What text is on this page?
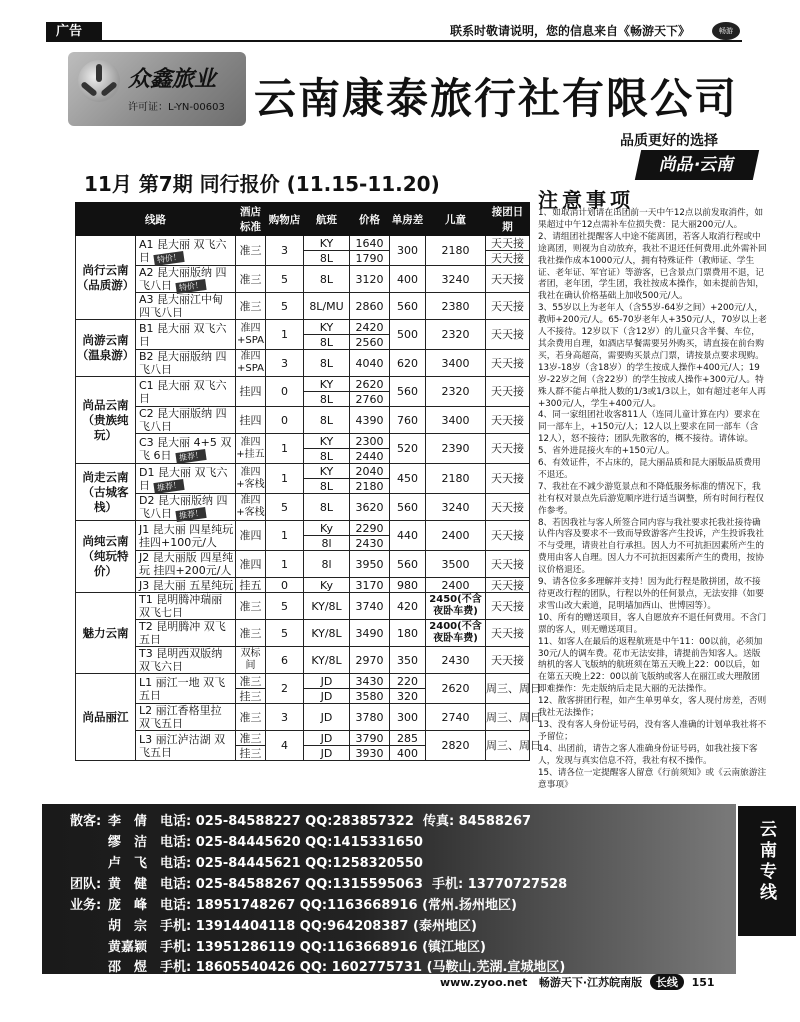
广告	联系时敬请说明，您的信息来自《畅游天下》	畅游
众鑫旅业
许可证：L-YN-00603 云南康泰旅行社有限公司
品质更好的选择
尚品·云南
11月 第7期 同行报价 (11.15-11.20)
注意事项
线路		酒店标准	购物店	航班	价格	单房差	儿童	接团日期
尚行云南（品质游）	A1 昆大丽 双飞六日 特价！	准三	3	KY	1640	300	2180	天天接
				8L	1790			天天接
	A2 昆大丽版纳 四飞八日 特价！	准三	5	8L	3120	400	3240	天天接

	A3 昆大丽江中甸 四飞八日	准三	5	8L/MU	2860	560	2380	天天接

尚游云南（温泉游）	B1 昆大丽 双飞六日	准四+SPA	1	KY	2420	500	2320	天天接
				8L	2560			
	B2 昆大丽版纳 四飞八日	准四+SPA	3	8L	4040	620	3400	天天接

尚品云南（贵族纯玩）	C1 昆大丽 双飞六日	挂四	0	KY	2620	560	2320	天天接
				8L	2760			
	C2 昆大丽版纳 四飞八日	挂四	0	8L	4390	760	3400	天天接

	C3 昆大丽 4+5 双飞 6日 推荐！	准四+挂五	1	KY	2300	520	2390	天天接
				8L	2440			
尚走云南（古城客栈）	D1 昆大丽 双飞六日 推荐！	准四+客栈	1	KY	2040	450	2180	天天接
				8L	2180			
	D2 昆大丽版纳 四飞八日 推荐！	准四+客栈	5	8L	3620	560	3240	天天接

尚纯云南（纯玩特价）	J1 昆大丽 四星纯玩 挂四+100元/人	准四	1	Ky	2290	440	2400	天天接
				8l	2430			
	J2 昆大丽版 四星纯玩 挂四+200元/人	准四	1	8l	3950	560	3500	天天接

	J3 昆大丽 五星纯玩	挂五	0	Ky	3170	980	2400	天天接
魅力云南	T1 昆明腾冲瑞丽 双飞七日	准三	5	KY/8L	3740	420	2450(不含夜卧车费)	天天接

	T2 昆明腾冲 双飞五日	准三	5	KY/8L	3490	180	2400(不含夜卧车费)	天天接

	T3 昆明西双版纳 双飞六日	双标间	6	KY/8L	2970	350	2430	天天接

尚品丽江	L1 丽江一地 双飞五日	准三	2	JD	3430	220	2620	周三、周日
		挂三		JD	3580	320		
	L2 丽江香格里拉 双飞五日	准三	3	JD	3780	300	2740	周三、周日

	L3 丽江泸沽湖 双飞五日	准三	4	JD	3790	285	2820	周三、周日
		挂三		JD	3930	400		

1、如取消计划请在出团前一天中午12点以前发取消件，如果超过中午12点需补车位损失费：昆大丽200元/人。

2、请组团社提醒客人中途不能离团，若客人取消行程或中途离团，则视为自动放弃，我社不退还任何费用.此外需补回我社操作成本1000元/人，拥有特殊证件（教师证、学生证、老年证、军官证）等游客，已含景点门票费用不退，记者团，老年团，学生团，我社按成本操作，如未提前告知，我社在确认价格基础上加收500元/人。

3、55岁以上为老年人（含55岁-64岁之间）+200元/人，教师+200元/人。65-70岁老年人+350元/人，70岁以上老人不接待。12岁以下（含12岁）的儿童只含半餐、车位，其余费用自理，如酒店早餐需要另外购买，请直接在前台购买，若身高超高，需要购买景点门票，请按景点要求现购。13岁-18岁（含18岁）的学生按成人操作+400元/人；19岁-22岁之间（含22岁）的学生按成人操作+300元/人。特殊人群不能占单批人数的1/3或1/3以上，如有超过老年人再+300元/人，学生+400元/人。

4、同一家组团社收客811人（连同儿童计算在内）要求在同一部车上，+150元/人；12人以上要求在同一部车（含12人），怒不接待；团队先散客的，概不接待。请体谅。

5、省外进昆接火车的+150元/人。

6、有效证件，不占床的，昆大丽品质和昆大丽版品质费用不退还。

7、我社在不减少游览景点和不降低服务标准的情况下，我社有权对景点先后游览顺序进行适当调整，所有时间行程仅作参考。

8、若因我社与客人所签合同内容与我社要求托我社接待确认件内容及要求不一致而导致游客产生投诉，产生投诉我社不与受理，请贵社自行承担。因人力不可抗拒因素所产生的费用由客人自理。因人力不可抗拒因素所产生的费用，按协议价格退还。

9、请各位多多理解并支持！因为此行程是散拼团，故不接待更改行程的团队，行程以外的任何景点，无法安排（如要求雪山改大索道，昆明墙加西山、世博园等）。

10、所有的赠送项目，客人自愿放弃不退任何费用。不含门票的客人，则无赠送项目。

11、如客人在最后的返程航班是中午11：00以前，必须加30元/人的调车费。花市无法安排，请提前告知客人。送版纳机的客人飞版纳的航班须在第五天晚上22：00以后，如在第五天晚上22：00以前飞版纳或客人在丽江或大理散团即难操作：先走版纳后走昆大丽的无法操作。

12、散客拼团行程，如产生单男单女，客人现付房差，否则我社无法操作；

13、没有客人身份证号码，没有客人准确的计划单我社将不予留位；

14、出团前，请告之客人准确身份证号码，如我社接下客人，发现与真实信息不符，我社有权不操作。

15、请各位一定提醒客人留意《行前须知》或《云南旅游注意事项》

云南专线
散客: 李　倩 电话: 025-84588227 QQ:283857322 传真: 84588267
缪　洁 电话: 025-84445620 QQ:1415331650
卢　飞 电话: 025-84445621 QQ:1258320550
团队: 黄　健 电话: 025-84588267 QQ:1315595063 手机: 13770727528
业务: 庞　峰 电话: 18951748267 QQ:1163668916 (常州.扬州地区)
胡　宗 手机: 13914404118 QQ:964208387 (泰州地区)
黄嘉颖 手机: 13951286119 QQ:1163668916 (镇江地区)
邵　煜 手机: 18605540426 QQ: 1602775731 (马鞍山.芜湖.宣城地区)
www.zyoo.net 畅游天下·江苏皖南版 长线 151
